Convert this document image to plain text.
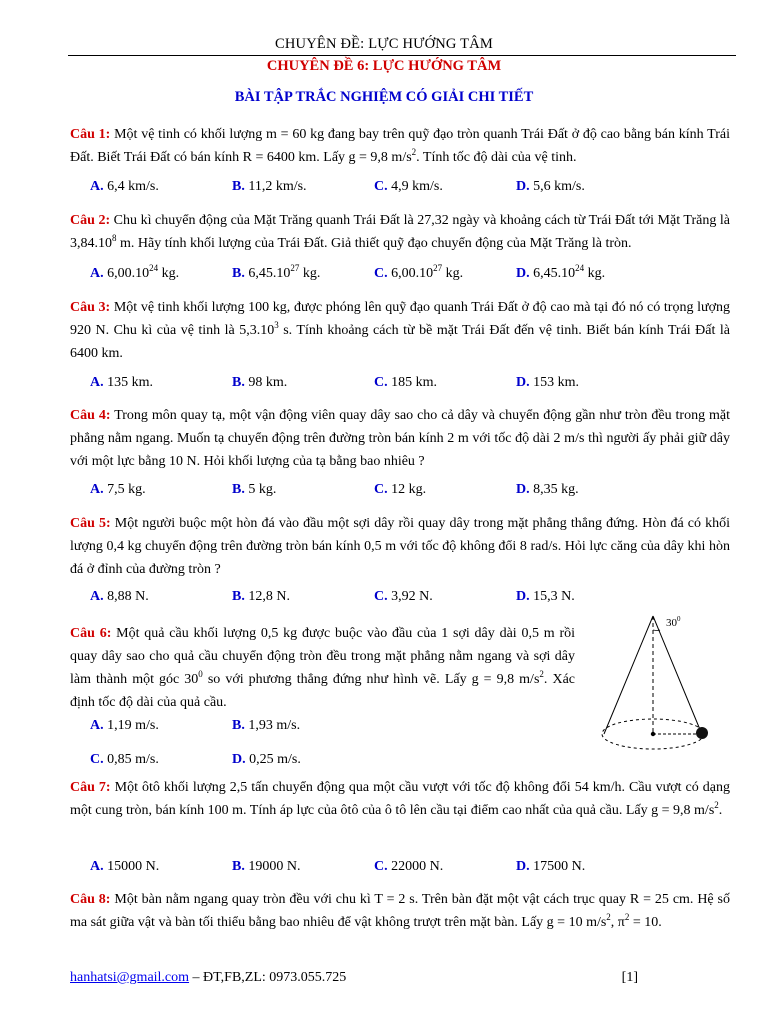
CHUYÊN ĐỀ: LỰC HƯỚNG TÂM
CHUYÊN ĐỀ 6: LỰC HƯỚNG TÂM
BÀI TẬP TRẮC NGHIỆM CÓ GIẢI CHI TIẾT
Câu 1: Một vệ tinh có khối lượng m = 60 kg đang bay trên quỹ đạo tròn quanh Trái Đất ở độ cao bằng bán kính Trái Đất. Biết Trái Đất có bán kính R = 6400 km. Lấy g = 9,8 $m/s^2$. Tính tốc độ dài của vệ tinh.
A. 6,4 km/s.	B. 11,2 km/s.	C. 4,9 km/s.	D. 5,6 km/s.
Câu 2: Chu kì chuyển động của Mặt Trăng quanh Trái Đất là 27,32 ngày và khoảng cách từ Trái Đất tới Mặt Trăng là 3,84.10$^8$ m. Hãy tính khối lượng của Trái Đất. Giả thiết quỹ đạo chuyển động của Mặt Trăng là tròn.
A. 6,00.10$^{24}$ kg.	B. 6,45.10$^{27}$ kg.	C. 6,00.10$^{27}$ kg.	D. 6,45.10$^{24}$ kg.
Câu 3: Một vệ tinh khối lượng 100 kg, được phóng lên quỹ đạo quanh Trái Đất ở độ cao mà tại đó nó có trọng lượng 920 N. Chu kì của vệ tinh là 5,3.10$^3$ s. Tính khoảng cách từ bề mặt Trái Đất đến vệ tinh. Biết bán kính Trái Đất là 6400 km.
A. 135 km.	B. 98 km.	C. 185 km.	D. 153 km.
Câu 4: Trong môn quay tạ, một vận động viên quay dây sao cho cả dây và chuyển động gần như tròn đều trong mặt phẳng nằm ngang. Muốn tạ chuyển động trên đường tròn bán kính 2 m với tốc độ dài 2 m/s thì người ấy phải giữ dây với một lực bằng 10 N. Hỏi khối lượng của tạ bằng bao nhiêu ?
A. 7,5 kg.	B. 5 kg.	C. 12 kg.	D. 8,35 kg.
Câu 5: Một người buộc một hòn đá vào đầu một sợi dây rồi quay dây trong mặt phẳng thẳng đứng. Hòn đá có khối lượng 0,4 kg chuyển động trên đường tròn bán kính 0,5 m với tốc độ không đổi 8 rad/s. Hỏi lực căng của dây khi hòn đá ở đỉnh của đường tròn ?
A. 8,88 N.	B. 12,8 N.	C. 3,92 N.	D. 15,3 N.
Câu 6: Một quả cầu khối lượng 0,5 kg được buộc vào đầu của 1 sợi dây dài 0,5 m rồi quay dây sao cho quả cầu chuyển động tròn đều trong mặt phẳng nằm ngang và sợi dây làm thành một góc $30^0$ so với phương thẳng đứng như hình vẽ. Lấy g = 9,8 $m/s^2$. Xác định tốc độ dài của quả cầu.
A. 1,19 m/s.	B. 1,93 m/s.
C. 0,85 m/s.	D. 0,25 m/s.
$30^0$
Câu 7: Một ôtô khối lượng 2,5 tấn chuyển động qua một cầu vượt với tốc độ không đổi 54 km/h. Cầu vượt có dạng một cung tròn, bán kính 100 m. Tính áp lực của ôtô của ô tô lên cầu tại điểm cao nhất của quả cầu. Lấy g = 9,8 $m/s^2$.
A. 15000 N.	B. 19000 N.	C. 22000 N.	D. 17500 N.
Câu 8: Một bàn nằm ngang quay tròn đều với chu kì T = 2 s. Trên bàn đặt một vật cách trục quay R = 25 cm. Hệ số ma sát giữa vật và bàn tối thiểu bằng bao nhiêu để vật không trượt trên mặt bàn. Lấy g = 10 $m/s^2$, $\pi^2 = 10$.
hanhatsi@gmail.com – ĐT,FB,ZL: 0973.055.725	[1]
